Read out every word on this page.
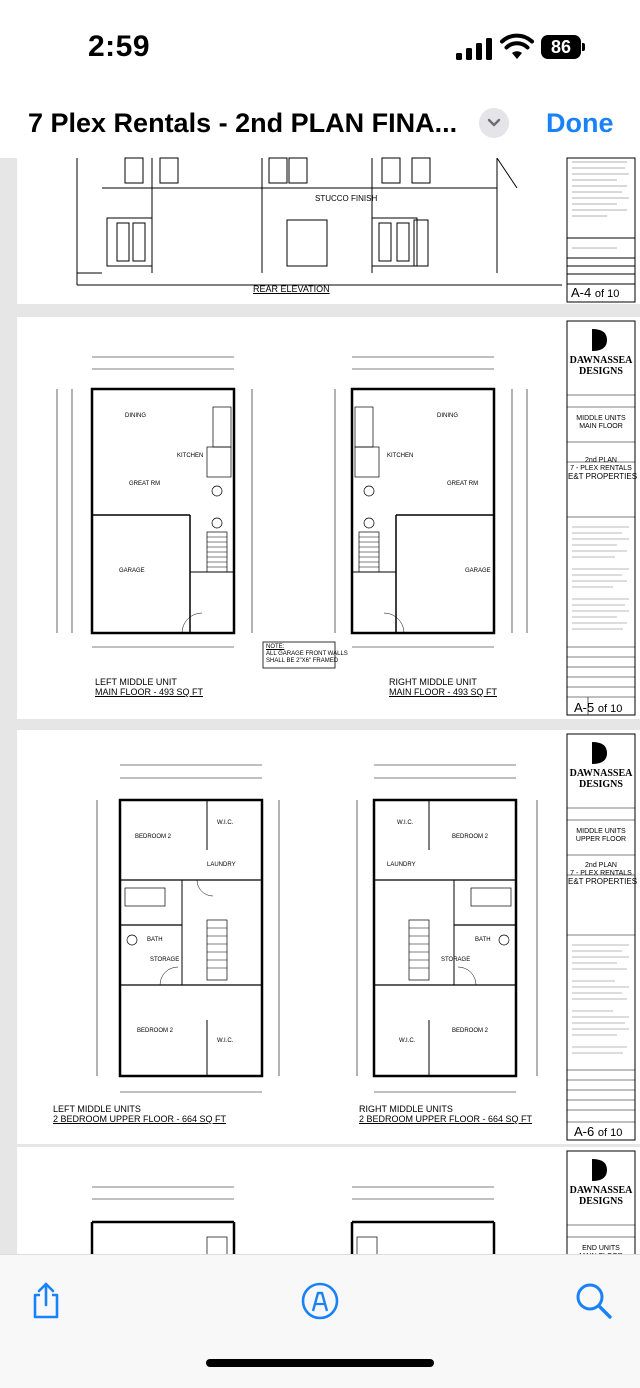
2:59	86
7 Plex Rentals - 2nd PLAN FINA...	Done
STUCCO FINISH
REAR ELEVATION	A-4 of 10
DINING
KITCHEN
GREAT RM
GARAGE
DINING
KITCHEN
GREAT RM
GARAGE
LEFT MIDDLE UNIT
MAIN FLOOR - 493 SQ FT
RIGHT MIDDLE UNIT
MAIN FLOOR - 493 SQ FT
NOTE:
ALL GARAGE FRONT WALLS
SHALL BE 2"X6" FRAMED
DAWNASSEA
DESIGNS
MIDDLE UNITS
MAIN FLOOR
2nd PLAN
7 - PLEX RENTALS
E&T PROPERTIES
A-5 of 10
BEDROOM 2
W.I.C.
LAUNDRY
BATH
STORAGE
BEDROOM 2
W.I.C.
BEDROOM 2
W.I.C.
LAUNDRY
BATH
STORAGE
BEDROOM 2
W.I.C.
LEFT MIDDLE UNITS
2 BEDROOM UPPER FLOOR - 664 SQ FT
RIGHT MIDDLE UNITS
2 BEDROOM UPPER FLOOR - 664 SQ FT
DAWNASSEA
DESIGNS
MIDDLE UNITS
UPPER FLOOR
2nd PLAN
7 - PLEX RENTALS
E&T PROPERTIES
A-6 of 10
DAWNASSEA
DESIGNS
END UNITS
